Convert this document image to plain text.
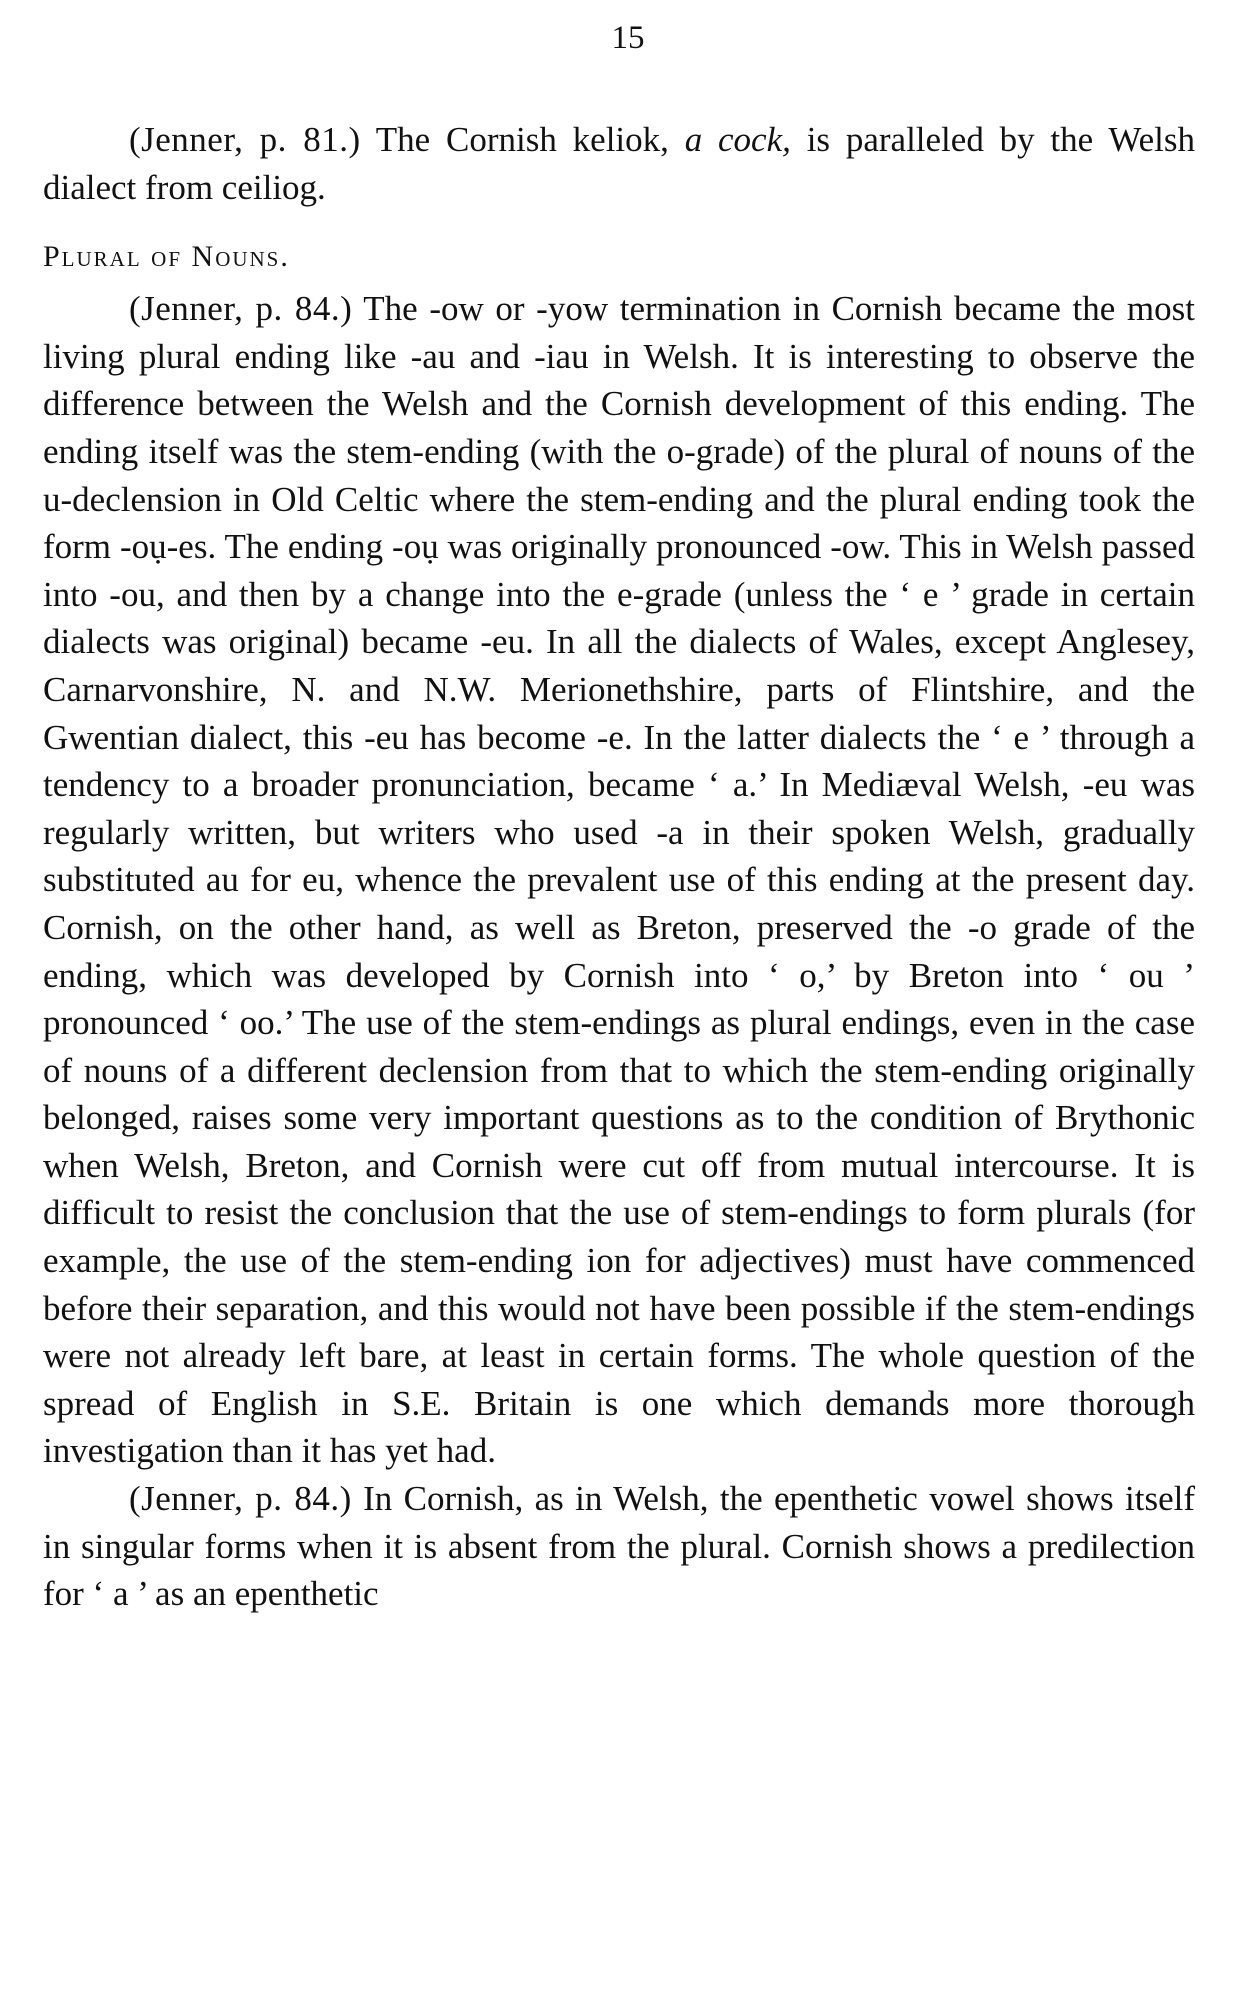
15

(Jenner, p. 81.) The Cornish keliok, a cock, is paralleled by the Welsh dialect from ceiliog.

Plural of Nouns.

(Jenner, p. 84.) The -ow or -yow termination in Cornish became the most living plural ending like -au and -iau in Welsh. It is interesting to observe the difference between the Welsh and the Cornish development of this ending. The ending itself was the stem-ending (with the o-grade) of the plural of nouns of the u-declension in Old Celtic where the stem-ending and the plural ending took the form -oụ-es. The ending -oụ was originally pronounced -ow. This in Welsh passed into -ou, and then by a change into the e-grade (unless the ‘ e ’ grade in certain dialects was original) became -eu. In all the dialects of Wales, except Anglesey, Carnarvonshire, N. and N.W. Merionethshire, parts of Flintshire, and the Gwentian dialect, this -eu has become -e. In the latter dialects the ‘ e ’ through a tendency to a broader pronunciation, became ‘ a.’ In Mediæval Welsh, -eu was regularly written, but writers who used -a in their spoken Welsh, gradually substituted au for eu, whence the prevalent use of this ending at the present day. Cornish, on the other hand, as well as Breton, preserved the -o grade of the ending, which was developed by Cornish into ‘ o,’ by Breton into ‘ ou ’ pronounced ‘ oo.’ The use of the stem-endings as plural endings, even in the case of nouns of a different declension from that to which the stem-ending originally belonged, raises some very important questions as to the condition of Brythonic when Welsh, Breton, and Cornish were cut off from mutual intercourse. It is difficult to resist the conclusion that the use of stem-endings to form plurals (for example, the use of the stem-ending ion for adjectives) must have commenced before their separation, and this would not have been possible if the stem-endings were not already left bare, at least in certain forms. The whole question of the spread of English in S.E. Britain is one which demands more thorough investigation than it has yet had.

(Jenner, p. 84.) In Cornish, as in Welsh, the epenthetic vowel shows itself in singular forms when it is absent from the plural. Cornish shows a predilection for ‘ a ’ as an epenthetic
